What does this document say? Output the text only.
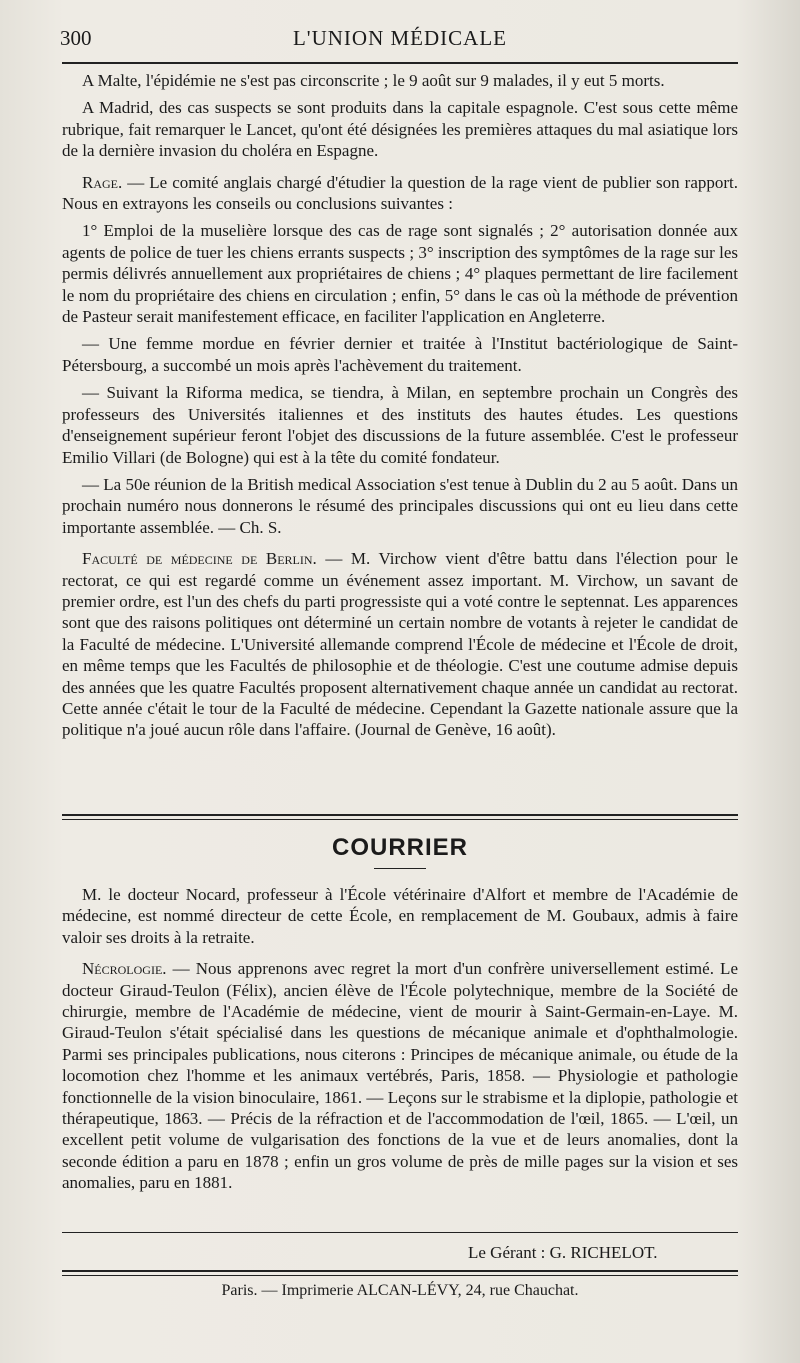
300	L'UNION MÉDICALE

A Malte, l'épidémie ne s'est pas circonscrite ; le 9 août sur 9 malades, il y eut 5 morts.

A Madrid, des cas suspects se sont produits dans la capitale espagnole. C'est sous cette même rubrique, fait remarquer le Lancet, qu'ont été désignées les premières attaques du mal asiatique lors de la dernière invasion du choléra en Espagne.

Rage. — Le comité anglais chargé d'étudier la question de la rage vient de publier son rapport. Nous en extrayons les conseils ou conclusions suivantes :

1° Emploi de la muselière lorsque des cas de rage sont signalés ; 2° autorisation donnée aux agents de police de tuer les chiens errants suspects ; 3° inscription des symptômes de la rage sur les permis délivrés annuellement aux propriétaires de chiens ; 4° plaques permettant de lire facilement le nom du propriétaire des chiens en circulation ; enfin, 5° dans le cas où la méthode de prévention de Pasteur serait manifestement efficace, en faciliter l'application en Angleterre.

— Une femme mordue en février dernier et traitée à l'Institut bactériologique de Saint-Pétersbourg, a succombé un mois après l'achèvement du traitement.

— Suivant la Riforma medica, se tiendra, à Milan, en septembre prochain un Congrès des professeurs des Universités italiennes et des instituts des hautes études. Les questions d'enseignement supérieur feront l'objet des discussions de la future assemblée. C'est le professeur Emilio Villari (de Bologne) qui est à la tête du comité fondateur.

— La 50e réunion de la British medical Association s'est tenue à Dublin du 2 au 5 août. Dans un prochain numéro nous donnerons le résumé des principales discussions qui ont eu lieu dans cette importante assemblée. — Ch. S.

Faculté de médecine de Berlin. — M. Virchow vient d'être battu dans l'élection pour le rectorat, ce qui est regardé comme un événement assez important. M. Virchow, un savant de premier ordre, est l'un des chefs du parti progressiste qui a voté contre le septennat. Les apparences sont que des raisons politiques ont déterminé un certain nombre de votants à rejeter le candidat de la Faculté de médecine. L'Université allemande comprend l'École de médecine et l'École de droit, en même temps que les Facultés de philosophie et de théologie. C'est une coutume admise depuis des années que les quatre Facultés proposent alternativement chaque année un candidat au rectorat. Cette année c'était le tour de la Faculté de médecine. Cependant la Gazette nationale assure que la politique n'a joué aucun rôle dans l'affaire. (Journal de Genève, 16 août).

COURRIER

M. le docteur Nocard, professeur à l'École vétérinaire d'Alfort et membre de l'Académie de médecine, est nommé directeur de cette École, en remplacement de M. Goubaux, admis à faire valoir ses droits à la retraite.

Nécrologie. — Nous apprenons avec regret la mort d'un confrère universellement estimé. Le docteur Giraud-Teulon (Félix), ancien élève de l'École polytechnique, membre de la Société de chirurgie, membre de l'Académie de médecine, vient de mourir à Saint-Germain-en-Laye. M. Giraud-Teulon s'était spécialisé dans les questions de mécanique animale et d'ophthalmologie. Parmi ses principales publications, nous citerons : Principes de mécanique animale, ou étude de la locomotion chez l'homme et les animaux vertébrés, Paris, 1858. — Physiologie et pathologie fonctionnelle de la vision binoculaire, 1861. — Leçons sur le strabisme et la diplopie, pathologie et thérapeutique, 1863. — Précis de la réfraction et de l'accommodation de l'œil, 1865. — L'œil, un excellent petit volume de vulgarisation des fonctions de la vue et de leurs anomalies, dont la seconde édition a paru en 1878 ; enfin un gros volume de près de mille pages sur la vision et ses anomalies, paru en 1881.

Le Gérant : G. RICHELOT.
Paris. — Imprimerie ALCAN-LÉVY, 24, rue Chauchat.
